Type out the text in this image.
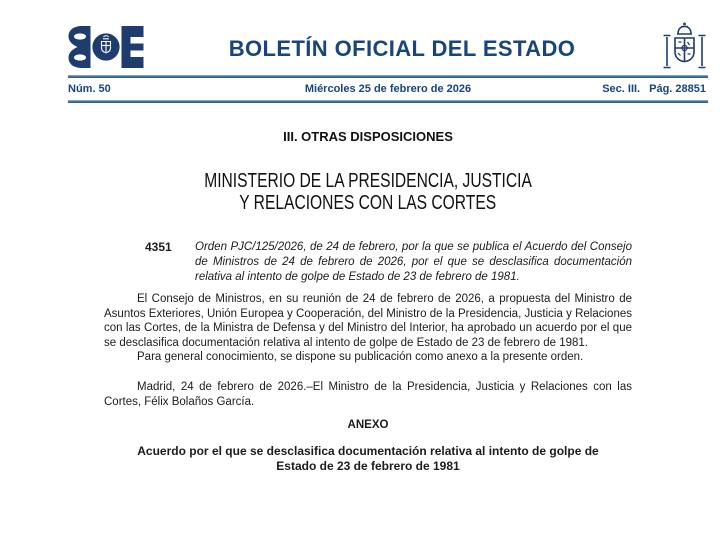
BOLETÍN OFICIAL DEL ESTADO
Núm. 50	Miércoles 25 de febrero de 2026	Sec. III. Pág. 28851
III. OTRAS DISPOSICIONES
MINISTERIO DE LA PRESIDENCIA, JUSTICIA
Y RELACIONES CON LAS CORTES
4351 Orden PJC/125/2026, de 24 de febrero, por la que se publica el Acuerdo del Consejo de Ministros de 24 de febrero de 2026, por el que se desclasifica documentación relativa al intento de golpe de Estado de 23 de febrero de 1981.

El Consejo de Ministros, en su reunión de 24 de febrero de 2026, a propuesta del Ministro de Asuntos Exteriores, Unión Europea y Cooperación, del Ministro de la Presidencia, Justicia y Relaciones con las Cortes, de la Ministra de Defensa y del Ministro del Interior, ha aprobado un acuerdo por el que se desclasifica documentación relativa al intento de golpe de Estado de 23 de febrero de 1981.

Para general conocimiento, se dispone su publicación como anexo a la presente orden.

Madrid, 24 de febrero de 2026.–El Ministro de la Presidencia, Justicia y Relaciones con las Cortes, Félix Bolaños García.

ANEXO
Acuerdo por el que se desclasifica documentación relativa al intento de golpe de Estado de 23 de febrero de 1981
